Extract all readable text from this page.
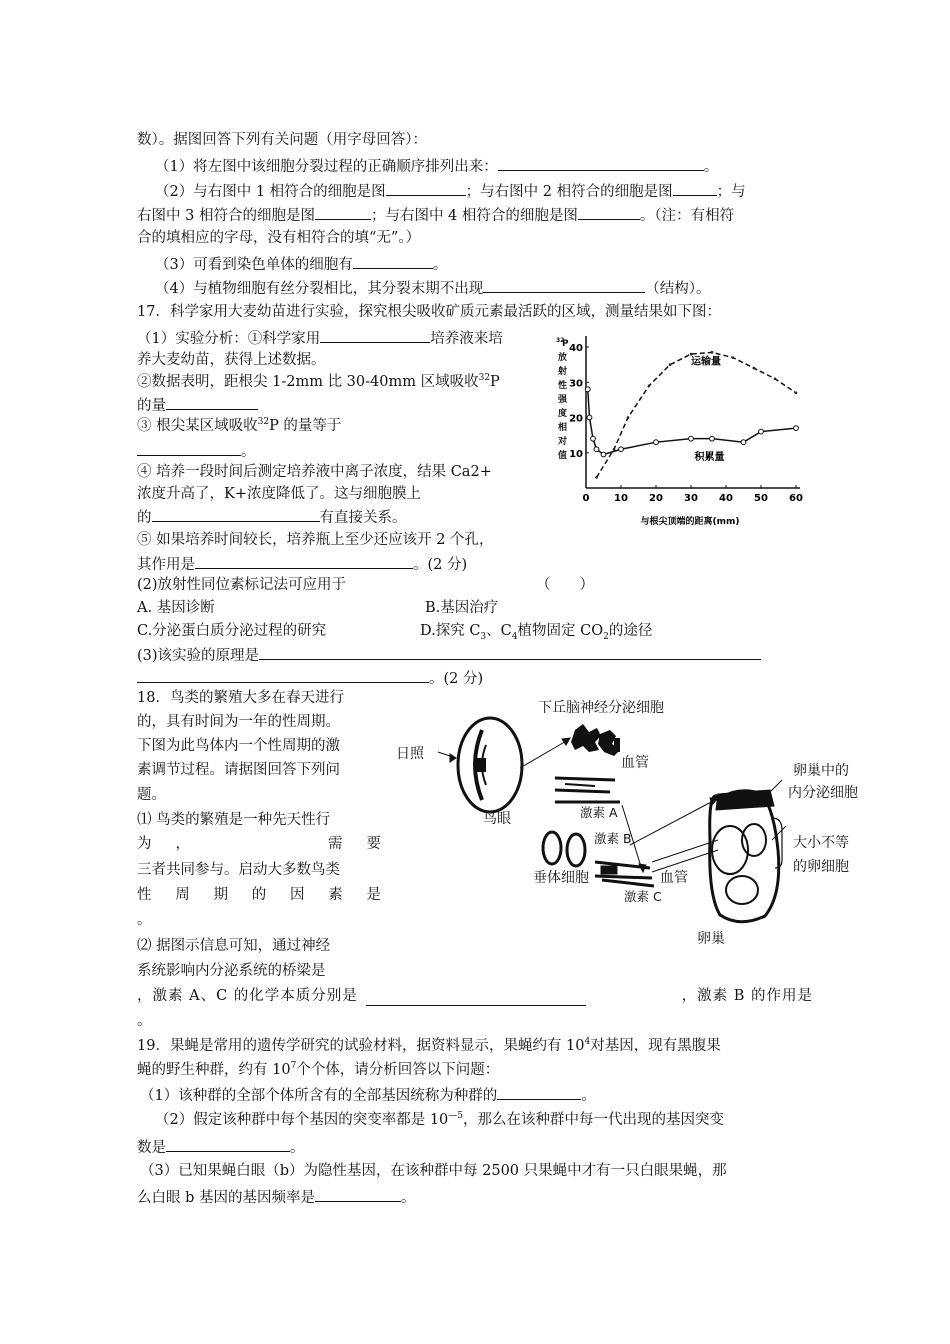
数）。据图回答下列有关问题（用字母回答）：
（1）将左图中该细胞分裂过程的正确顺序排列出来：	。
（2）与右图中 1 相符合的细胞是图	；与右图中 2 相符合的细胞是图	；与
右图中 3 相符合的细胞是图	；与右图中 4 相符合的细胞是图	。（注：有相符
合的填相应的字母，没有相符合的填“无”。）
（3）可看到染色单体的细胞有	。
（4）与植物细胞有丝分裂相比，其分裂末期不出现	（结构）。
17．科学家用大麦幼苗进行实验，探究根尖吸收矿质元素最活跃的区域，测量结果如下图：
（1）实验分析：①科学家用	培养液来培
养大麦幼苗，获得上述数据。
②数据表明，距根尖 1-2mm 比 30-40mm 区域吸收$^{32}$P
的量
③ 根尖某区域吸收$^{32}$P 的量等于
。
④ 培养一段时间后测定培养液中离子浓度，结果 Ca2+
浓度升高了，K+浓度降低了。这与细胞膜上
的	有直接关系。
⑤ 如果培养时间较长，培养瓶上至少还应该开 2 个孔，
其作用是	。(2 分)
(2)放射性同位素标记法可应用于	（　　）
A. 基因诊断	B.基因治疗
C.分泌蛋白质分泌过程的研究	D.探究 $C_3$、$C_4$植物固定 $CO_2$的途径
(3)该实验的原理是
。(2 分)
32
P
放
射
性
强
度
相
对
值
0 10 20 30 40 50 60
10
20
30
40
运输量
积累量
与根尖顶端的距离(mm)
18．鸟类的繁殖大多在春天进行
的，具有时间为一年的性周期。
下图为此鸟体内一个性周期的激
素调节过程。请据图回答下列问
题。
⑴ 鸟类的繁殖是一种先天性行
为 ，	需 要
三者共同参与。启动大多数鸟类
性 周 期 的 因 素 是
。
⑵ 据图示信息可知，通过神经
系统影响内分泌系统的桥梁是
，激素 A、C 的化学本质分别是	，激素 B 的作用是
。
下丘脑神经分泌细胞
日照
血管
激素 A
鸟眼
激素 B
垂体细胞	血管
激素 C
卵巢中的
内分泌细胞
大小不等
的卵细胞
卵巢
19．果蝇是常用的遗传学研究的试验材料，据资料显示，果蝇约有 $10^4$对基因，现有黑腹果
蝇的野生种群，约有 $10^7$个个体，请分析回答以下问题：
（1）该种群的全部个体所含有的全部基因统称为种群的	。
（2）假定该种群中每个基因的突变率都是 $10^{—5}$，那么在该种群中每一代出现的基因突变
数是	。
（3）已知果蝇白眼（b）为隐性基因，在该种群中每 2500 只果蝇中才有一只白眼果蝇，那
么白眼 b 基因的基因频率是	。
